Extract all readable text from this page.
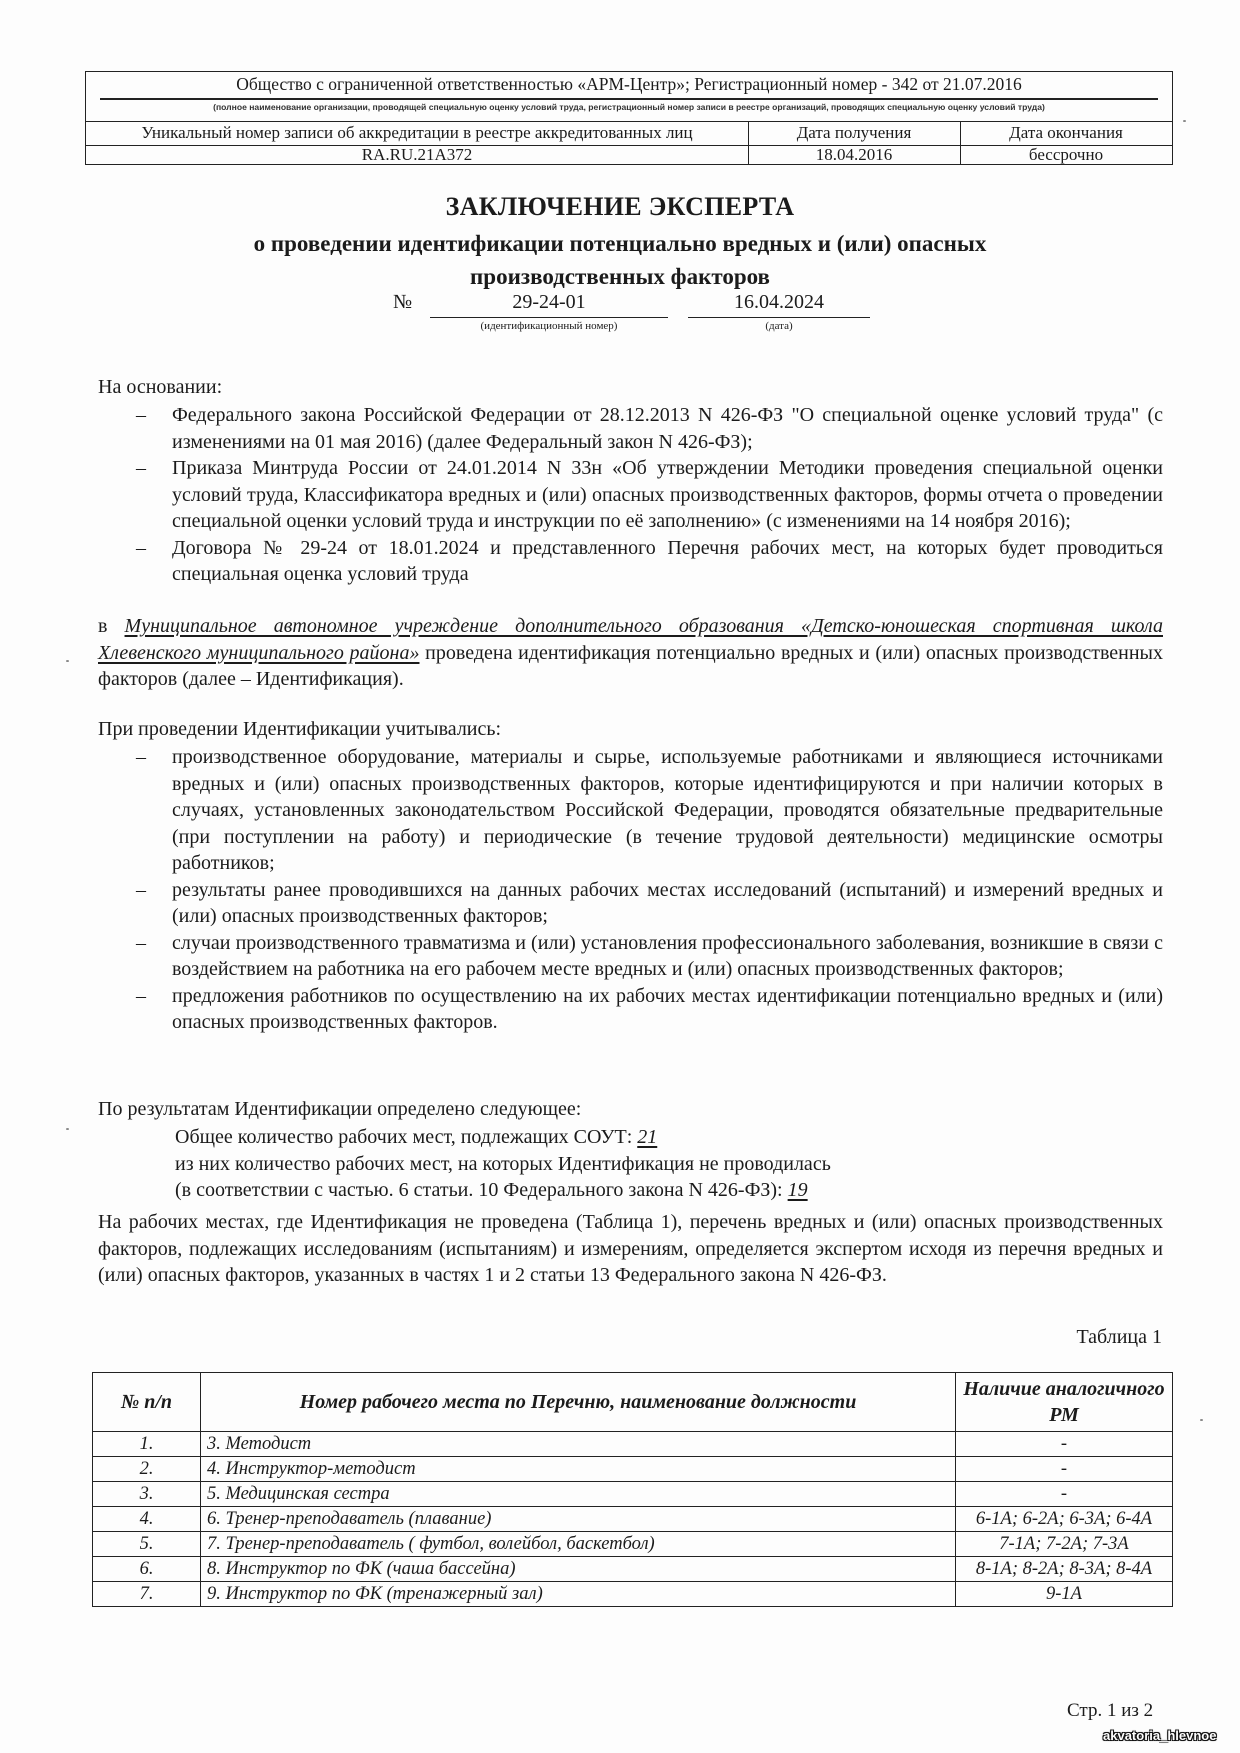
Общество с ограниченной ответственностью «АРМ-Центр»; Регистрационный номер - 342 от 21.07.2016
(полное наименование организации, проводящей специальную оценку условий труда, регистрационный номер записи в реестре организаций, проводящих специальную оценку условий труда)
Уникальный номер записи об аккредитации в реестре аккредитованных лиц	Дата получения	Дата окончания
RA.RU.21А372	18.04.2016	бессрочно
ЗАКЛЮЧЕНИЕ ЭКСПЕРТА
о проведении идентификации потенциально вредных и (или) опасных
производственных факторов
№	29-24-01	16.04.2024
(идентификационный номер)	(дата)
На основании:
– Федерального закона Российской Федерации от 28.12.2013 N 426-ФЗ "О специальной оценке условий труда" (с изменениями на 01 мая 2016) (далее Федеральный закон N 426-ФЗ);
– Приказа Минтруда России от 24.01.2014 N 33н «Об утверждении Методики проведения специальной оценки условий труда, Классификатора вредных и (или) опасных производственных факторов, формы отчета о проведении специальной оценки условий труда и инструкции по её заполнению» (с изменениями на 14 ноября 2016);
– Договора № 29-24 от 18.01.2024 и представленного Перечня рабочих мест, на которых будет проводиться специальная оценка условий труда
в Муниципальное автономное учреждение дополнительного образования «Детско-юношеская спортивная школа Хлевенского муниципального района» проведена идентификация потенциально вредных и (или) опасных производственных факторов (далее – Идентификация).
При проведении Идентификации учитывались:
– производственное оборудование, материалы и сырье, используемые работниками и являющиеся источниками вредных и (или) опасных производственных факторов, которые идентифицируются и при наличии которых в случаях, установленных законодательством Российской Федерации, проводятся обязательные предварительные (при поступлении на работу) и периодические (в течение трудовой деятельности) медицинские осмотры работников;
– результаты ранее проводившихся на данных рабочих местах исследований (испытаний) и измерений вредных и (или) опасных производственных факторов;
– случаи производственного травматизма и (или) установления профессионального заболевания, возникшие в связи с воздействием на работника на его рабочем месте вредных и (или) опасных производственных факторов;
– предложения работников по осуществлению на их рабочих местах идентификации потенциально вредных и (или) опасных производственных факторов.
По результатам Идентификации определено следующее:
Общее количество рабочих мест, подлежащих СОУТ: 21
из них количество рабочих мест, на которых Идентификация не проводилась
(в соответствии с частью. 6 статьи. 10 Федерального закона N 426-ФЗ): 19
На рабочих местах, где Идентификация не проведена (Таблица 1), перечень вредных и (или) опасных производственных факторов, подлежащих исследованиям (испытаниям) и измерениям, определяется экспертом исходя из перечня вредных и (или) опасных факторов, указанных в частях 1 и 2 статьи 13 Федерального закона N 426-ФЗ.
Таблица 1
№ п/п	Номер рабочего места по Перечню, наименование должности	Наличие аналогичного РМ
1.	3. Методист	-
2.	4. Инструктор-методист	-
3.	5. Медицинская сестра	-
4.	6. Тренер-преподаватель (плавание)	6-1А; 6-2А; 6-3А; 6-4А
5.	7. Тренер-преподаватель ( футбол, волейбол, баскетбол)	7-1А; 7-2А; 7-3А
6.	8. Инструктор по ФК (чаша бассейна)	8-1А; 8-2А; 8-3А; 8-4А
7.	9. Инструктор по ФК (тренажерный зал)	9-1А
Стр. 1 из 2
akvatoria_hlevnoe
